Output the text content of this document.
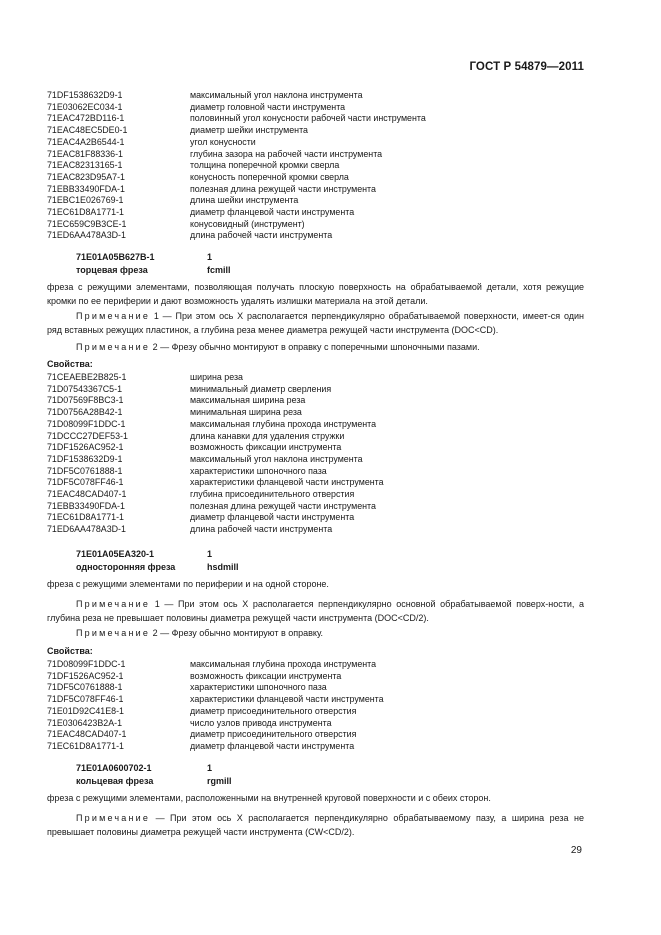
ГОСТ Р 54879—2011
71DF1538632D9-1	максимальный угол наклона инструмента
71E03062EC034-1	диаметр головной части инструмента
71EAC472BD116-1	половинный угол конусности рабочей части инструмента
71EAC48EC5DE0-1	диаметр шейки инструмента
71EAC4A2B6544-1	угол конусности
71EAC81F88336-1	глубина зазора на рабочей части инструмента
71EAC82313165-1	толщина поперечной кромки сверла
71EAC823D95A7-1	конусность поперечной кромки сверла
71EBB33490FDA-1	полезная длина режущей части инструмента
71EBC1E026769-1	длина шейки инструмента
71EC61D8A1771-1	диаметр фланцевой части инструмента
71EC659C9B3CE-1	конусовидный (инструмент)
71ED6AA478A3D-1	длина рабочей части инструмента
71E01A05B627B-1	1
торцевая фреза	fcmill
фреза с режущими элементами, позволяющая получать плоскую поверхность на обрабатываемой детали, хотя режущие кромки по ее периферии и дают возможность удалять излишки материала на этой детали.
Примечание 1 — При этом ось X располагается перпендикулярно обрабатываемой поверхности, имеет-ся один ряд вставных режущих пластинок, а глубина реза менее диаметра режущей части инструмента (DOC<CD).
Примечание 2 — Фрезу обычно монтируют в оправку с поперечными шпоночными пазами.
Свойства:
71CEAEBE2B825-1	ширина реза
71D07543367C5-1	минимальный диаметр сверления
71D07569F8BC3-1	максимальная ширина реза
71D0756A28B42-1	минимальная ширина реза
71D08099F1DDC-1	максимальная глубина прохода инструмента
71DCCC27DEF53-1	длина канавки для удаления стружки
71DF1526AC952-1	возможность фиксации инструмента
71DF1538632D9-1	максимальный угол наклона инструмента
71DF5C0761888-1	характеристики шпоночного паза
71DF5C078FF46-1	характеристики фланцевой части инструмента
71EAC48CAD407-1	глубина присоединительного отверстия
71EBB33490FDA-1	полезная длина режущей части инструмента
71EC61D8A1771-1	диаметр фланцевой части инструмента
71ED6AA478A3D-1	длина рабочей части инструмента
71E01A05EA320-1	1
односторонняя фреза	hsdmill
фреза с режущими элементами по периферии и на одной стороне.
Примечание 1 — При этом ось X располагается перпендикулярно основной обрабатываемой поверх-ности, а глубина реза не превышает половины диаметра режущей части инструмента (DOC<CD/2).
Примечание 2 — Фрезу обычно монтируют в оправку.
Свойства:
71D08099F1DDC-1	максимальная глубина прохода инструмента
71DF1526AC952-1	возможность фиксации инструмента
71DF5C0761888-1	характеристики шпоночного паза
71DF5C078FF46-1	характеристики фланцевой части инструмента
71E01D92C41E8-1	диаметр присоединительного отверстия
71E0306423B2A-1	число узлов привода инструмента
71EAC48CAD407-1	диаметр присоединительного отверстия
71EC61D8A1771-1	диаметр фланцевой части инструмента
71E01A0600702-1	1
кольцевая фреза	rgmill
фреза с режущими элементами, расположенными на внутренней круговой поверхности и с обеих сторон.
Примечание — При этом ось X располагается перпендикулярно обрабатываемому пазу, а ширина реза не превышает половины диаметра режущей части инструмента (CW<CD/2).
29
